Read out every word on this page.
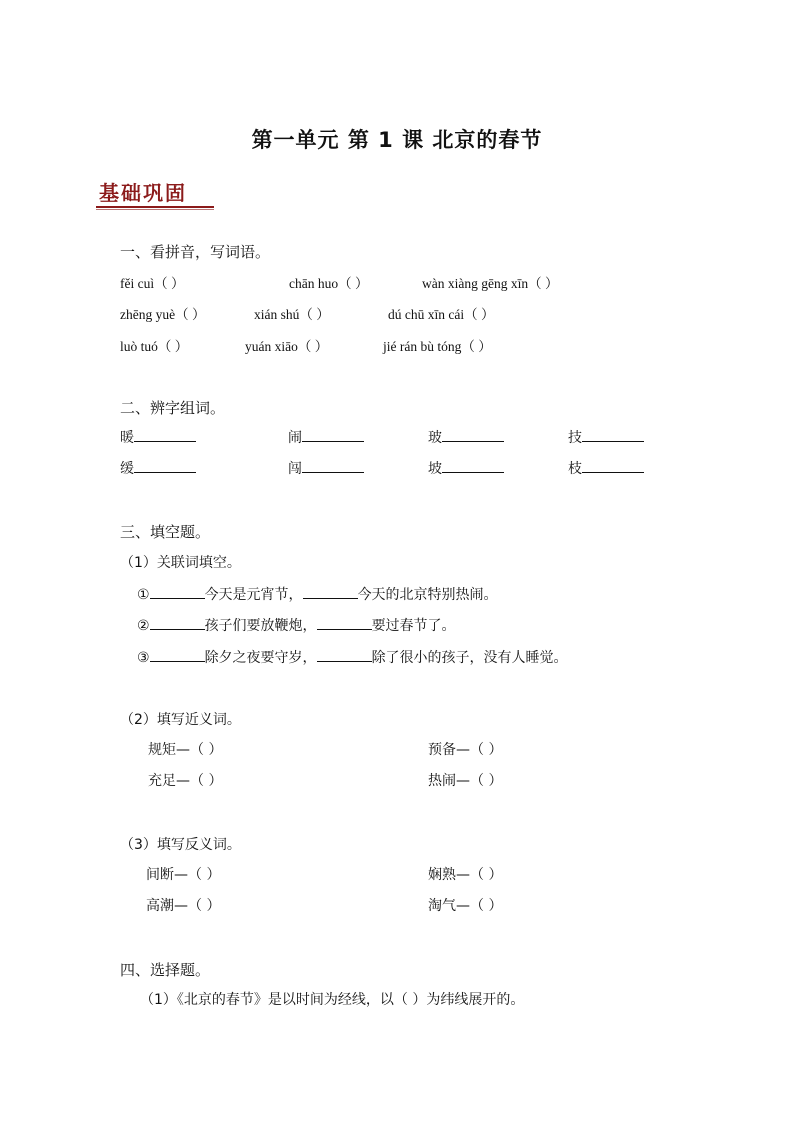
第一单元 第 1 课 北京的春节
基础巩固
一、看拼音，写词语。
fěi cuì（ ）	chān huo（ ）	wàn xiàng gēng xīn（ ）
zhēng yuè（ ）	xián shú（ ）	dú chū xīn cái（ ）
luò tuó（ ）	yuán xiāo（ ）	jié rán bù tóng（ ）
二、辨字组词。
暖	闹	玻	技
缓	闯	坡	枝
三、填空题。
（1）关联词填空。
①	今天是元宵节，	今天的北京特别热闹。
②	孩子们要放鞭炮，	要过春节了。
③	除夕之夜要守岁，	除了很小的孩子，没有人睡觉。
（2）填写近义词。
规矩—（ ）	预备—（ ）
充足—（ ）	热闹—（ ）
（3）填写反义词。
间断—（ ）	娴熟—（ ）
高潮—（ ）	淘气—（ ）
四、选择题。
（1）《北京的春节》是以时间为经线，以（ ）为纬线展开的。
